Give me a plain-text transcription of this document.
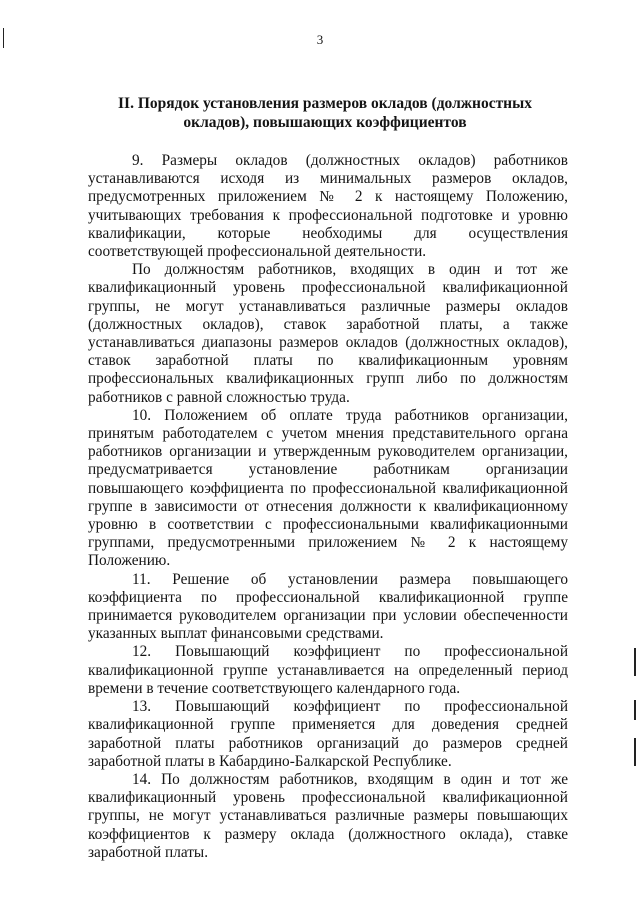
3
II. Порядок установления размеров окладов (должностных окладов), повышающих коэффициентов

9. Размеры окладов (должностных окладов) работников устанавливаются исходя из минимальных размеров окладов, предусмотренных приложением № 2 к настоящему Положению, учитывающих требования к профессиональной подготовке и уровню квалификации, которые необходимы для осуществления соответствующей профессиональной деятельности.

По должностям работников, входящих в один и тот же квалификационный уровень профессиональной квалификационной группы, не могут устанавливаться различные размеры окладов (должностных окладов), ставок заработной платы, а также устанавливаться диапазоны размеров окладов (должностных окладов), ставок заработной платы по квалификационным уровням профессиональных квалификационных групп либо по должностям работников с равной сложностью труда.

10. Положением об оплате труда работников организации, принятым работодателем с учетом мнения представительного органа работников организации и утвержденным руководителем организации, предусматривается установление работникам организации повышающего коэффициента по профессиональной квалификационной группе в зависимости от отнесения должности к квалификационному уровню в соответствии с профессиональными квалификационными группами, предусмотренными приложением № 2 к настоящему Положению.

11. Решение об установлении размера повышающего коэффициента по профессиональной квалификационной группе принимается руководителем организации при условии обеспеченности указанных выплат финансовыми средствами.

12. Повышающий коэффициент по профессиональной квалификационной группе устанавливается на определенный период времени в течение соответствующего календарного года.

13. Повышающий коэффициент по профессиональной квалификационной группе применяется для доведения средней заработной платы работников организаций до размеров средней заработной платы в Кабардино-Балкарской Республике.

14. По должностям работников, входящим в один и тот же квалификационный уровень профессиональной квалификационной группы, не могут устанавливаться различные размеры повышающих коэффициентов к размеру оклада (должностного оклада), ставке заработной платы.
